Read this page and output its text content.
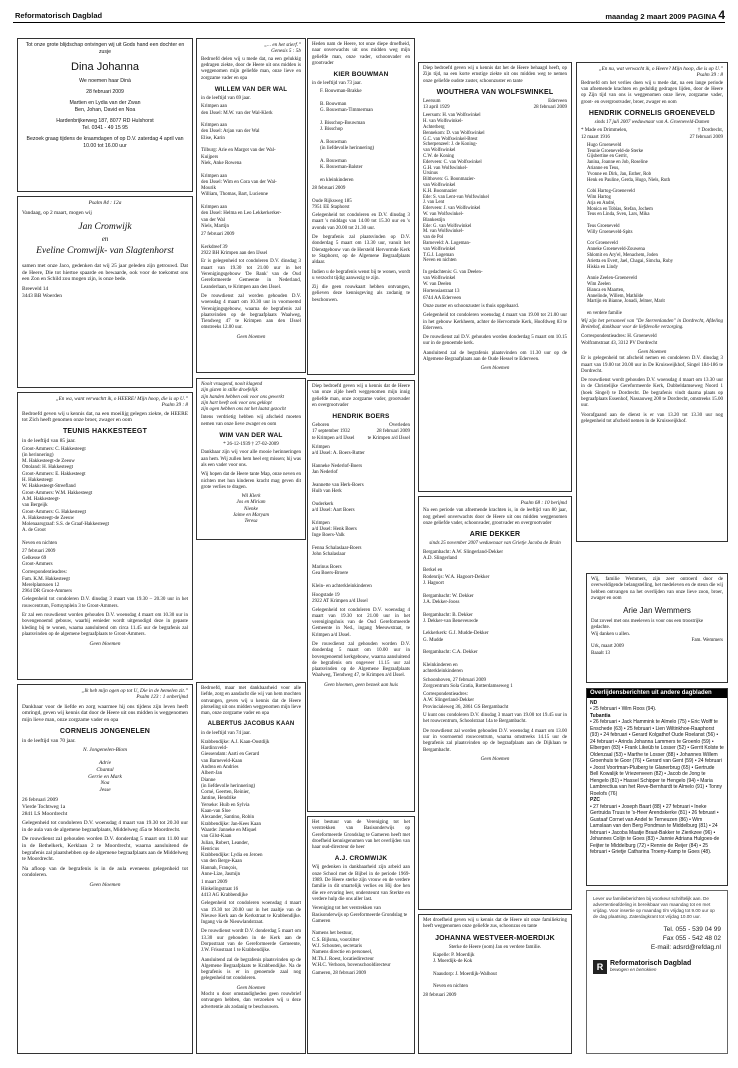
Reformatorisch Dagblad	maandag 2 maart 2009 PAGINA 4
Tot onze grote blijdschap ontvingen wij uit Gods hand een dochter en zusje
Dina Johanna
We noemen haar Dinà
28 februari 2009
Martien en Lydia van der Zwan
Ben, Johan, David en Noa
Hardenbrijkerweg 187, 8077 RD Hulshorst
Tel. 0341 - 49 15 95
Bezoek graag tijdens de kraamdagen of op D.V. zaterdag 4 april van 10.00 tot 16.00 uur
Psalm 84 : 12a
Vandaag, op 2 maart, mogen wij
Jan Cromwijk
en
Eveline Cromwijk- van Slagtenhorst
samen met onze Jaco, gedenken dat wij 25 jaar geleden zijn getrouwd. Dat de Heere, Die tot hiertoe spaarde en bewaarde, ook voor de toekomst ons een Zon en Schild zou mogen zijn, is onze bede.
Breeveld 14
3443 BB Woerden
„En wa, want verwachtt ik, o HEERE! Mijn hoop, die is op U.”
Psalm 39 : 8
Bedroefd geven wij u kennis dat, na een moeilijg gelegen ziekte, de HEERE tot Zich heeft genomen onze broer, zwager en oom
TEUNIS HAKKESTEEGT
in de leeftijd van 85 jaar.
Groot-Ammers: C. Hakkesteegt
(in herinnering)
M. Hakkesteegt-de Zeeuw
Ottoland: H. Hakkesteegt
Groot-Ammers: E. Hakkesteegt
H. Hakkesteegt
W. Hakkesteegt-Streefland
Groot-Ammers: W.M. Hakkesteegt
A.M. Hakkesteegt-
van Bergeijk
Groot-Ammers: G. Hakkesteegt
A. Hakkesteegt-de Zeeuw
Molenaarsgraaf: S.S. de Graaf-Hakkesteegt
A. de Groot

Neven en nichten
27 februari 2009
Gelkesse 69
Groot-Ammers
Correspondentieadres:
Fam. K.M. Hakkesteegt
Merelplantsoen 12
2964 DR Groot-Ammers
Gelegenheid tot condoleren D.V. dinsdag 3 maart van 19.30 – 20.30 uur in het rouwcentrum, Fortuynplein 3 te Groot-Ammers.
Er zal een rouwdienst worden gehouden D.V. woensdag 4 maart om 10.30 uur in bovengenoemd gebouw, waarbij eenieder wordt uitgenodigd deze in gepaste kleding bij te wonen, waarna aansluitend om circa 11.45 uur de begrafenis zal plaatsvinden op de algemene begraafplaats te Groot-Ammers.
Geen bloemen
„Ik heb mijn ogen op tot U, Die in de hemelen zit.”
Psalm 123 : 1 onberijmd
Dankbaar voor de liefde en zorg waarmee hij ons tijdens zijn leven heeft omringd, geven wij kennis dat door de Heere uit ons midden is weggenomen mijn lieve man, onze zorgzame vader en opa
CORNELIS JONGENELEN
in de leeftijd van 70 jaar.
N. Jongenelen-Blom

Adrie
Chantal
Gerrie en Mark
Noa
Jesse
26 februari 2009
Vierde Tochtweg 1a
2841 LS Moordrecht
Gelegenheid tot condoleren D.V. woensdag 4 maart van 19.30 tot 20.30 uur in de aula van de algemene begraafplaats, Middelweg 45a te Moordrecht.
De rouwdienst zal gehouden worden D.V. donderdag 5 maart om 11.00 uur in de Bethelkerk, Kerklaan 2 te Moordrecht, waarna aansluitend de begrafenis zal plaatshebben op de algemene begraafplaats aan de Middelweg te Moordrecht.
Na afloop van de begrafenis is in de aula eveneens gelegenheid tot condoleren.
Geen bloemen
„... en het stierf.”
Genesis 5 : 5b
Bedroefd delen wij u mede dat, na een gelukkig gedragen ziekte, door de Heere uit ons midden is weggenomen mijn geliefde man, onze lieve en zorgzame vader en opa
WILLEM VAN DER WAL
in de leeftijd van 69 jaar.
Krimpen aan
den IJssel: M.W. van der Wal-Klerk

Krimpen aan
den IJssel: Arjan van der Wal
Elise, Karin

Tilburg: Arie en Margot van der Wal-
Kuijpers
Niek, Anke Rowena

Krimpen aan
den IJssel: Wim en Cora van der Wal-
Mourik
William, Thomas, Bart, Lucienne

Krimpen aan
den IJssel: Helma en Leo Lekkerkerker-
van der Wal
Niels, Martijn
27 februari 2009

Kerkdreef 39
2922 BH Krimpen aan den IJssel
Er is gelegenheid tot condoleren D.V. dinsdag 3 maart van 19.30 tot 21.00 uur in het Verenigingsgebouw 'De Rank' van de Oud Gereformeerde Gemeente in Nederland, Leanderlaan, te Krimpen aan den IJssel.
De rouwdienst zal worden gehouden D.V. woensdag 4 maart om 10.30 uur in voornoemd Verenigingsgebouw, waarna de begrafenis zal plaatsvinden op de begraafplaats Waalweg, Tiendweg 47 te Krimpen aan den IJssel omstreeks 12.00 uur.
Geen bloemen
Nooit vraagend, nooit klagend
zijn gisten in stille droefelijk
zijn handen hebben ook voor ons gewerkt
zijn hart heeft ook voor ons geklopt
zijn ogen hebben ons tot het laatst gezocht
Intens verdrietig hebben wij afscheid moeten nemen van onze lieve zwager en oom
WIM VAN DER WAL
* 26-12-1939 † 27-02-2009
Dankbaar zijn wij voor alle mooie herinneringen aan hem. Wij zullen hem heel erg missen; hij was als een vader voor ons.
Wij hopen dat de Heere tante Map, onze neven en nichten met hun kinderen kracht mag geven dit grote verlies te dragen.
Wil Klerk
Jos en Miriam
Nienke
Jaime en Maryam
Teresa
Bedroefd, maar met dankbaarheid voor alle liefde, zorg en aandacht die wij van hem mochten ontvangen, geven wij u kennis dat de Heere plotseling uit ons midden weggenomen mijn lieve man, onze zorgzame vader en opa
ALBERTUS JACOBUS KAAN
in de leeftijd van 74 jaar.
Krabbendijke: A.J. Kaan-Oostdijk
Hardinxveld-
Giessendam: Aarti en Gerard
van Barneveld-Kaan
Andrea en Andries
Albert-Jan
Dianne
(in liefdevolle herinnering)
Corné, Geerten, Reinier,
Jantine, Hendrike
Yerseke: Huib en Sylvia
Kaan-van Sloe
Alexander, Santino, Robin
Krabbendijke: Jan-Kees Kaan
Waarde: Janneke en Miquel
van Gilst-Kaan
Julian, Robert, Leander,
Henricus
Krabbendijke: Lydia en Jeroen
van den Berge-Kaan
Hannah, François,
Anne-Lize, Jasmijn
1 maart 2009
Hinkelingstraat 16
4413 AG Krabbendijke
Gelegenheid tot condoleren woensdag 4 maart van 19.30 tot 20.00 uur in het zaaltje van de Nieuwe Kerk aan de Kerkstraat te Krabbendijke. Ingang via de Nieuwlandstraat.
De rouwdienst wordt D.V. donderdag 5 maart om 13.30 uur gehouden in de Kerk aan de Dorpsstraat van de Gereformeerde Gemeente, J.W. Frisostraat 1 te Krabbendijke.
Aansluitend zal de begrafenis plaatsvinden op de Algemene Begraafplaats te Krabbendijke. Na de begrafenis is er in genoemde zaal nog gelegenheid tot condoleren.
Geen bloemen
Mocht u door omstandigheden geen rouwbrief ontvangen hebben, dan verzoeken wij u deze advertentie als zodanig te beschouwen.
Heden nam de Heere, tot onze diepe droefheid, naar onverwachts uit ons midden weg mijn geliefde man, onze vader, schoonvader en grootvader
KIER BOUWMAN
in de leeftijd van 73 jaar.
F. Bouwman-Brakke

B. Bouwman
G. Bouwman-Timmerman

J. Bisschop-Bouwman
J. Bisschop

A. Bouwman
(in liefdevolle herinnering)

A. Bouwman
K. Bouwman-Balster

en kleinkinderen
28 februari 2009

Oude Rijksweg 185
7951 EE Staphorst
Gelegenheid tot condoleren en D.V. dinsdag 3 maart 's middags van 14.00 tot 15.30 uur en 's avonds van 20.00 tot 21.30 uur.
De begrafenis zal plaatsvinden op D.V. donderdag 5 maart om 13.30 uur, vanuit het Dienstgebouw van de Hersteld Hervormde Kerk te Staphorst, op de Algemene Begraafplaats aldaar.
Indien u de begrafenis wenst bij te wonen, wordt u verzocht tijdig aanwezig te zijn.
Zij die geen rouwkaart hebben ontvangen, gelieven deze kennisgeving als zodanig te beschouwen.
Diep bedroefd geven wij u kennis dat de Heere van onze zijde heeft weggenomen mijn innig geliefde man, onze zorgzame vader, grootvader en overgrootvader
HENDRIK BOERS
Geboren
17 september 1932
te Krimpen a/d IJssel
Overleden
28 februari 2009
te Krimpen a/d IJssel
Krimpen
a/d IJssel: A. Boers-Rutter

Hanneke Nederlof-Boers
Jan Nederlof

Jeannette van Herk-Boers
Huib van Herk

Ouderkerk
a/d IJssel: Aart Boers

Krimpen
a/d IJssel: Henk Boers
Inge Boers-Valk

Fenna Schalaslaar-Boers
John Schalaslaar

Marinus Boers
Gea Boers-Broere

Klein- en achterkleinkinderen
Hoogstade 19
2922 AT Krimpen a/d IJssel
Gelegenheid tot condoleren D.V. woensdag 4 maart van 19.30 tot 21.00 uur in het verenigingshuis van de Oud Gereformeerde Gemeente in Ned., ingang Meeuwstraat, te Krimpen a/d IJssel.
De rouwdienst zal gehouden worden D.V. donderdag 5 maart om 10.00 uur in bovengenoemd kerkgebouw, waarna aansluitend de begrafenis om ongeveer 11.15 uur zal plaatsvinden op de Algemene Begraafplaats Waalweg, Tiendweg 47, te Krimpen a/d IJssel.
Geen bloemen, geen bezoek aan huis
Het bestuur van de Vereniging tot het verstrekken van Basisonderwijs op Gereformeerde Grondslag te Gameren heeft met droefheid kennisgenomen van het overlijden van haar oud-directeur de heer
A.J. CROMWIJK
Wij gedenken in dankbaarheid zijn arbeid aan onze School met de Bijbel in de periode 1969-1989. De Heere sterke zijn vrouw en de verdere familie in dit smartelijk verlies en Hij doe hen die ere ervaring leer, ondersteunt van Sterkte en verdere hulp die ons aller last.
Vereniging tot het verstrekken van Basisonderwijs op Gereformeerde Grondslag te Gameren

Namens het bestuur,
C.S. Bijlsma, voorzitter
W.J. Schouten, secretaris
Namens directie en personeel,
M.Th.J. Roest, locatiedirecteur
W.H.C. Verhoon, bovenschooldirecteur
Gameren, 28 februari 2009
Diep bedroefd geven wij u kennis dat het de Heere behaagd heeft, op Zijn tijd, na een korte ernstige ziekte uit ons midden weg te nemen onze geliefde oudste zuster, schoonzuster en tante
WOUTHERA VAN WOLFSWINKEL
Leersum
13 april 1929
Ederveen
28 februari 2009
Leersum: H. van Wolfswinkel
H. van Wolfswinkel-
Achterberg
Bennekom: D. van Wolfswinkel
G.C. van Wolfswinkel-Brest
Scherpenzeel: J. de Koning-
van Wolfswinkel
C.W. de Koning
Ederveen: C. van Wolfswinkel
G.H. van Wolfswinkel-
Ursinus
Bilthoven: G. Boonmazier-
van Wolfswinkel
K.H. Boonmazier
Ede: S. van Lent-van Wolfswinkel
J. van Lent
Ederveen: J. van Wolfswinkel
W. van Wolfswinkel-
Blankestijn
Ede: G. van Wolfswinkel
M. van Wolfswinkel-
van de Pol
Barneveld: A. Logeman-
van Wolfswinkel
T.G.J. Logeman
Neven en nichten

In gedachtenis: G. van Deelen-
van Wolfswinkel
W. van Deelen
Hortensiastraat 13
6744 AA Ederveen
Onze zuster en schoonzuster is thuis opgebaard.
Gelegenheid tot condoleren woensdag 4 maart van 19.00 tot 21.00 uur in het gebouw Kerkheem, achter de Hervormde Kerk, Hoofdweg 83 te Ederveen.
De rouwdienst zal D.V. gehouden worden donderdag 5 maart om 10.15 uur in de genoemde kerk.
Aansluitend zal de begrafenis plaatsvinden om 11.30 uur op de Algemene Begraafplaats aan de Oude Hessel te Ederveen.
Geen bloemen
Psalm 68 : 10 berijmd
Na een periode van afnemende krachten is, in de leeftijd van 80 jaar, nog geheel onverwachts door de Heere uit ons midden weggenomen onze geliefde vader, schoonvader, grootvader en overgrootvader
ARIE DEKKER
sinds 25 november 2007 weduwnaar van Grietje Jacoba de Bruin
Bergambacht: A.W. Slingerland-Dekker
A.D. Slingerland

Berkel en
Rodenrijs: W.A. Hagoort-Dekker
J. Hagoort

Bergambacht: W. Dekker
J.A. Dekker-Jooss

Bergambacht: B. Dekker
J. Dekker-van Beneveuwde

Lekkerkerk: G.J. Mudde-Dekker
G. Mudde

Bergambacht: C.A. Dekker

Kleinkinderen en
achterkleinkinderen
Schoonhoven, 27 februari 2009
Zorgcentrum Sola Gratia, Rotterdamseweg 1
Correspondentieadres:
A.W. Slingerland-Dekker
Provincialeweg 36, 2861 GS Bergambacht
U kunt ons condoleren D.V. dinsdag 3 maart van 19.00 tot 19.45 uur in het rouwcentrum, Schoolstraat 14a te Bergambacht.
De rouwdienst zal worden gehouden D.V. woensdag 4 maart om 13.00 uur in voornoemd rouwcentrum, waarna omstreeks 14.15 uur de begrafenis zal plaatsvinden op de begraafplaats aan de Dijklaan te Bergambacht.
Geen bloemen
Met droefheid geven wij u kennis dat de Heere uit onze familiekring heeft weggenomen onze geliefde zus, schoonzus en tante
JOHANNA WESTVEER-MOERDIJK
Sterke de Heere (oom) Jan en verdere familie.
Kapelle: P. Moerdijk
J. Moerdijk-de Kok

Naaudorp: J. Moerdijk-Walhout

Neven en nichten
28 februari 2009
„En nu, wat verwacht ik, o Heere? Mijn hoop, die is op U.”
Psalm 39 : 8
Bedroefd om het verlies doen wij u mede dat, na een lange periode van afnemende krachten en geduldig gedragen lijden, door de Heere op Zijn tijd van ons is weggenomen onze lieve, zorgzame vader, groot- en overgrootvader, broer, zwager en oom
HENDRIK CORNELIS GROENEVELD
sinds 17 juli 2007 weduwnaar van A. Groeneveld-Damen
* Made en Drimmelen,
12 maart 1916
† Dordrecht,
27 februari 2009
Hugo Groeneveld
Teunie Groeneveld-de Sterke
Gijsbertine en Gerrit,
Janina, Joanne en Job, Roseline
Arianne en Teus,
Yvonne en Dirk, Jan, Esther, Rob
Henk en Pauline, Gerda, Hugo, Niels, Ruth

Cobi Hartog-Groeneveld
Wim Hartog
Arja en André,
Monica en Tobias, Stefan, Jochem
Teus en Linda, Sven, Lars, Mika

Teus Groeneveld
Willy Groeneveld-Spits

Cor Groeneveld
Anneke Groeneveld-Zouwena
Shlomit en Ary'el, Menachem, Joden
Arietta en Evert, Jael, Chagai, Simcha, Ruby
Hiskia en Lindy

Annie Zeelen-Groeneveld
Wim Zeelen
Bianca en Maarten,
Annelinde, Willem, Mathilde
Martijn en Bianne, Jonadi, Jelmer, Marit

en verdere familie
Wij zijn het personeel van "De Sterrenlanden" in Dordrecht, Afdeling Breitehof, dankbaar voor de liefdevolle verzorging.
Correspondentieadres: H. Groeneveld
Wolframstraat 43, 3312 PV Dordrecht
Geen bloemen
Er is gelegenheid tot afscheid nemen en condoleren D.V. dinsdag 3 maart van 19.00 tot 20.00 uur in De Kruisweijkhof, Singel 184-186 te Dordrecht.
De rouwdienst wordt gehouden D.V. woensdag 4 maart om 13.30 uur in de Christelijke Gereformeerde Kerk, Dubbeldamseweg Noord 1 (hoek Singel) te Dordrecht. De begrafenis vindt daarna plaats op begraafplaats Essenhof, Nassauweg 200 te Dordrecht, omstreeks 15.00 uur.
Voorafgaand aan de dienst is er van 13.20 tot 13.30 uur nog gelegenheid tot afscheid nemen in de Kruisweijkhof.
Wij, familie Wemmers, zijn zeer ontroerd door de overweldigende belangstelling, het medeleven en de steun die wij hebben ontvangen na het overlijden van onze lieve zoon, broer, zwager en oom
Arie Jan Wemmers
Dat zoveel met ons meeleven is voor ons een troostrijke gedachte.
Wij danken u allen.
Fam. Wemmers
Urk, maart 2009
Baaalt 13
Overlijdensberichten uit andere dagbladen
ND
• 25 februari • Wim Roos (94).
Tubantia
• 26 februari • Jack Hammink te Almelo (75) • Eric Wolff te Enschede (63) • 25 februari • Lien Wiltinkhoe-Raaphorst (93) • 24 februari • Gerard Kolgathof Oude Roelanst (56) • 24 februari • Arinda Johanna Lammers te Groenlo (59) • Elbergen (83) • Frank Likeüb te Losser (52) • Gerrit Kolste te Oldenzaal (53) • Marthe te Losser (88) • Johannes Willem Groenhuis te Goor (76) • Gerard van Gent (59) • 24 februari • Joost Voortman-Pluiberg te Glanerbrug (65) • Gertrude Bell Kowalijk te Vriezenveen (82) • Jacob de Jong te Hengelo (81) • Hassel Schipper te Hengelo (94) • Maria Lambrectiua van het Reve-Bernhardt te Almelo (91) • Tonny Roelofs (76)
PZC
• 27 februari • Joseph Baart (88) • 27 februari • Ineke Gertruida Truus te 's-Heer Arendskerke (81) • 26 februari • Gustaaf Cornet van Andel te Terneuzen (86) • Wim Lamslaan van den Berg Pondman te Middelburg (81) • 24 februari • Jacoba Maatje Braat-Bakker te Zierikzee (96) • Johannes Colijn te Goes (83) • Jannie Adriana Hulgoes-de Feijter te Middelburg (72) • Rennie de Reijer (84) • 25 februari • Grietje Catharina Troeny-Kamp te Goes (48).
Lever uw familieberichten bij voorkeur schriftelijk aan. De advertentieafdeling is bereikbaar van maandag tot en met vrijdag. Voor insertie op maandag t/m vrijdag tot 9.00 uur op de dag plaatsing. Zaterdagkrant tot vrijdag 10.00 uur.
Tel. 055 - 539 04 99
Fax 055 - 542 48 02
E-mail: adsrd@refdag.nl
R Reformatorisch Dagblad
bewogen en betrokken
